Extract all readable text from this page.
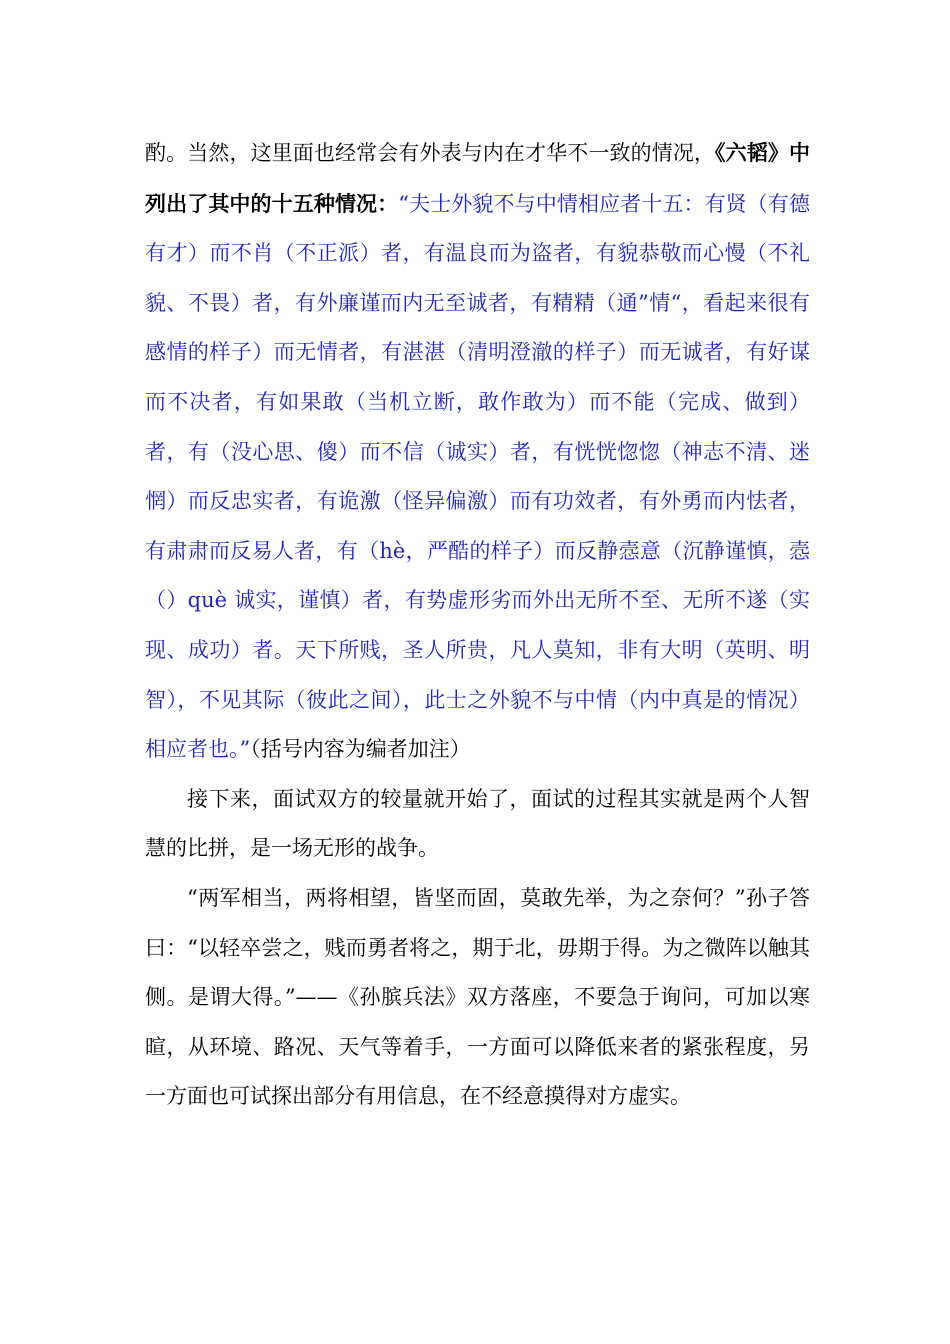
酌。当然，这里面也经常会有外表与内在才华不一致的情况，《六韬》中列出了其中的十五种情况：“夫士外貌不与中情相应者十五：有贤（有德有才）而不肖（不正派）者，有温良而为盗者，有貌恭敬而心慢（不礼貌、不畏）者，有外廉谨而内无至诚者，有精精（通”情“，看起来很有感情的样子）而无情者，有湛湛（清明澄澈的样子）而无诚者，有好谋而不决者，有如果敢（当机立断，敢作敢为）而不能（完成、做到）者，有（没心思、傻）而不信（诚实）者，有恍恍惚惚（神志不清、迷惘）而反忠实者，有诡激（怪异偏激）而有功效者，有外勇而内怯者，有肃肃而反易人者，有（hè，严酷的样子）而反静悫意（沉静谨慎，悫（）què 诚实，谨慎）者，有势虚形劣而外出无所不至、无所不遂（实现、成功）者。天下所贱，圣人所贵，凡人莫知，非有大明（英明、明智），不见其际（彼此之间），此士之外貌不与中情（内中真是的情况）相应者也。”（括号内容为编者加注）

接下来，面试双方的较量就开始了，面试的过程其实就是两个人智慧的比拼，是一场无形的战争。

“两军相当，两将相望，皆坚而固，莫敢先举，为之奈何？”孙子答曰：“以轻卒尝之，贱而勇者将之，期于北，毋期于得。为之微阵以触其侧。是谓大得。”——《孙膑兵法》双方落座，不要急于询问，可加以寒暄，从环境、路况、天气等着手，一方面可以降低来者的紧张程度，另一方面也可试探出部分有用信息，在不经意摸得对方虚实。
